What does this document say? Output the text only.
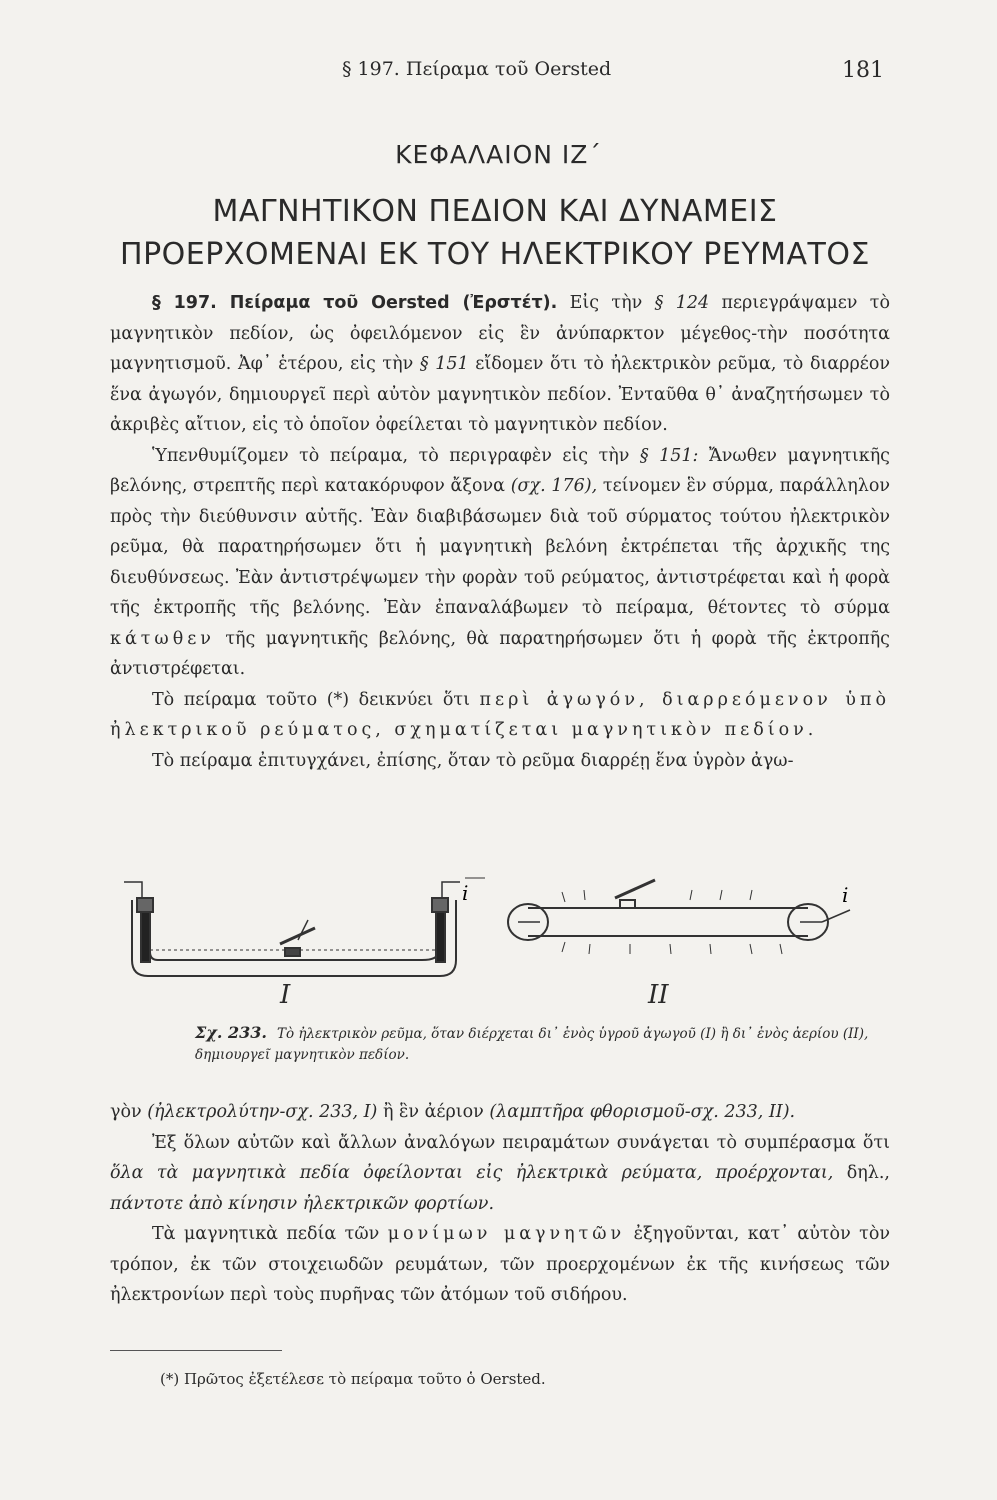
§ 197. Πείραμα τοῦ Oersted	181
ΚΕΦΑΛΑΙΟΝ ΙΖ΄
ΜΑΓΝΗΤΙΚΟΝ ΠΕΔΙΟΝ ΚΑΙ ΔΥΝΑΜΕΙΣ
ΠΡΟΕΡΧΟΜΕΝΑΙ ΕΚ ΤΟΥ ΗΛΕΚΤΡΙΚΟΥ ΡΕΥΜΑΤΟΣ

§ 197. Πείραμα τοῦ Oersted (Ἐρστέτ). Εἰς τὴν § 124 περιεγράψαμεν τὸ μαγνητικὸν πεδίον, ὡς ὀφειλόμενον εἰς ἓν ἀνύπαρκτον μέγεθος-τὴν ποσότητα μαγνητισμοῦ. Ἀφ᾽ ἑτέρου, εἰς τὴν § 151 εἴδομεν ὅτι τὸ ἠλεκτρικὸν ρεῦμα, τὸ διαρρέον ἕνα ἀγωγόν, δημιουργεῖ περὶ αὐτὸν μαγνητικὸν πεδίον. Ἐνταῦθα θ᾽ ἀναζητήσωμεν τὸ ἀκριβὲς αἴτιον, εἰς τὸ ὁποῖον ὀφείλεται τὸ μαγνητικὸν πεδίον.

Ὑπενθυμίζομεν τὸ πείραμα, τὸ περιγραφὲν εἰς τὴν § 151: Ἄνωθεν μαγνητικῆς βελόνης, στρεπτῆς περὶ κατακόρυφον ἄξονα (σχ. 176), τείνομεν ἓν σύρμα, παράλληλον πρὸς τὴν διεύθυνσιν αὐτῆς. Ἐὰν διαβιβάσωμεν διὰ τοῦ σύρματος τούτου ἠλεκτρικὸν ρεῦμα, θὰ παρατηρήσωμεν ὅτι ἡ μαγνητικὴ βελόνη ἐκτρέπεται τῆς ἀρχικῆς της διευθύνσεως. Ἐὰν ἀντιστρέψωμεν τὴν φορὰν τοῦ ρεύματος, ἀντιστρέφεται καὶ ἡ φορὰ τῆς ἐκτροπῆς τῆς βελόνης. Ἐὰν ἐπαναλάβωμεν τὸ πείραμα, θέτοντες τὸ σύρμα κάτωθεν τῆς μαγνητικῆς βελόνης, θὰ παρατηρήσωμεν ὅτι ἡ φορὰ τῆς ἐκτροπῆς ἀντιστρέφεται.

Τὸ πείραμα τοῦτο (*) δεικνύει ὅτι περὶ ἀγωγόν, διαρρεόμενον ὑπὸ ἠλεκτρικοῦ ρεύματος, σχηματίζεται μαγνητικὸν πεδίον.

Τὸ πείραμα ἐπιτυγχάνει, ἐπίσης, ὅταν τὸ ρεῦμα διαρρέῃ ἕνα ὑγρὸν ἀγω-

i	i
I	II
Σχ. 233. Τὸ ἠλεκτρικὸν ρεῦμα, ὅταν διέρχεται δι᾽ ἑνὸς ὑγροῦ ἀγωγοῦ (I) ἢ δι᾽ ἑνὸς ἀερίου (II), δημιουργεῖ μαγνητικὸν πεδίον.

γὸν (ἠλεκτρολύτην-σχ. 233, I) ἢ ἓν ἀέριον (λαμπτῆρα φθορισμοῦ-σχ. 233, II).

Ἐξ ὅλων αὐτῶν καὶ ἄλλων ἀναλόγων πειραμάτων συνάγεται τὸ συμπέρασμα ὅτι ὅλα τὰ μαγνητικὰ πεδία ὀφείλονται εἰς ἠλεκτρικὰ ρεύματα, προέρχονται, δηλ., πάντοτε ἀπὸ κίνησιν ἠλεκτρικῶν φορτίων.

Τὰ μαγνητικὰ πεδία τῶν μονίμων μαγνητῶν ἐξηγοῦνται, κατ᾽ αὐτὸν τὸν τρόπον, ἐκ τῶν στοιχειωδῶν ρευμάτων, τῶν προερχομένων ἐκ τῆς κινήσεως τῶν ἠλεκτρονίων περὶ τοὺς πυρῆνας τῶν ἀτόμων τοῦ σιδήρου.

(*) Πρῶτος ἐξετέλεσε τὸ πείραμα τοῦτο ὁ Oersted.
